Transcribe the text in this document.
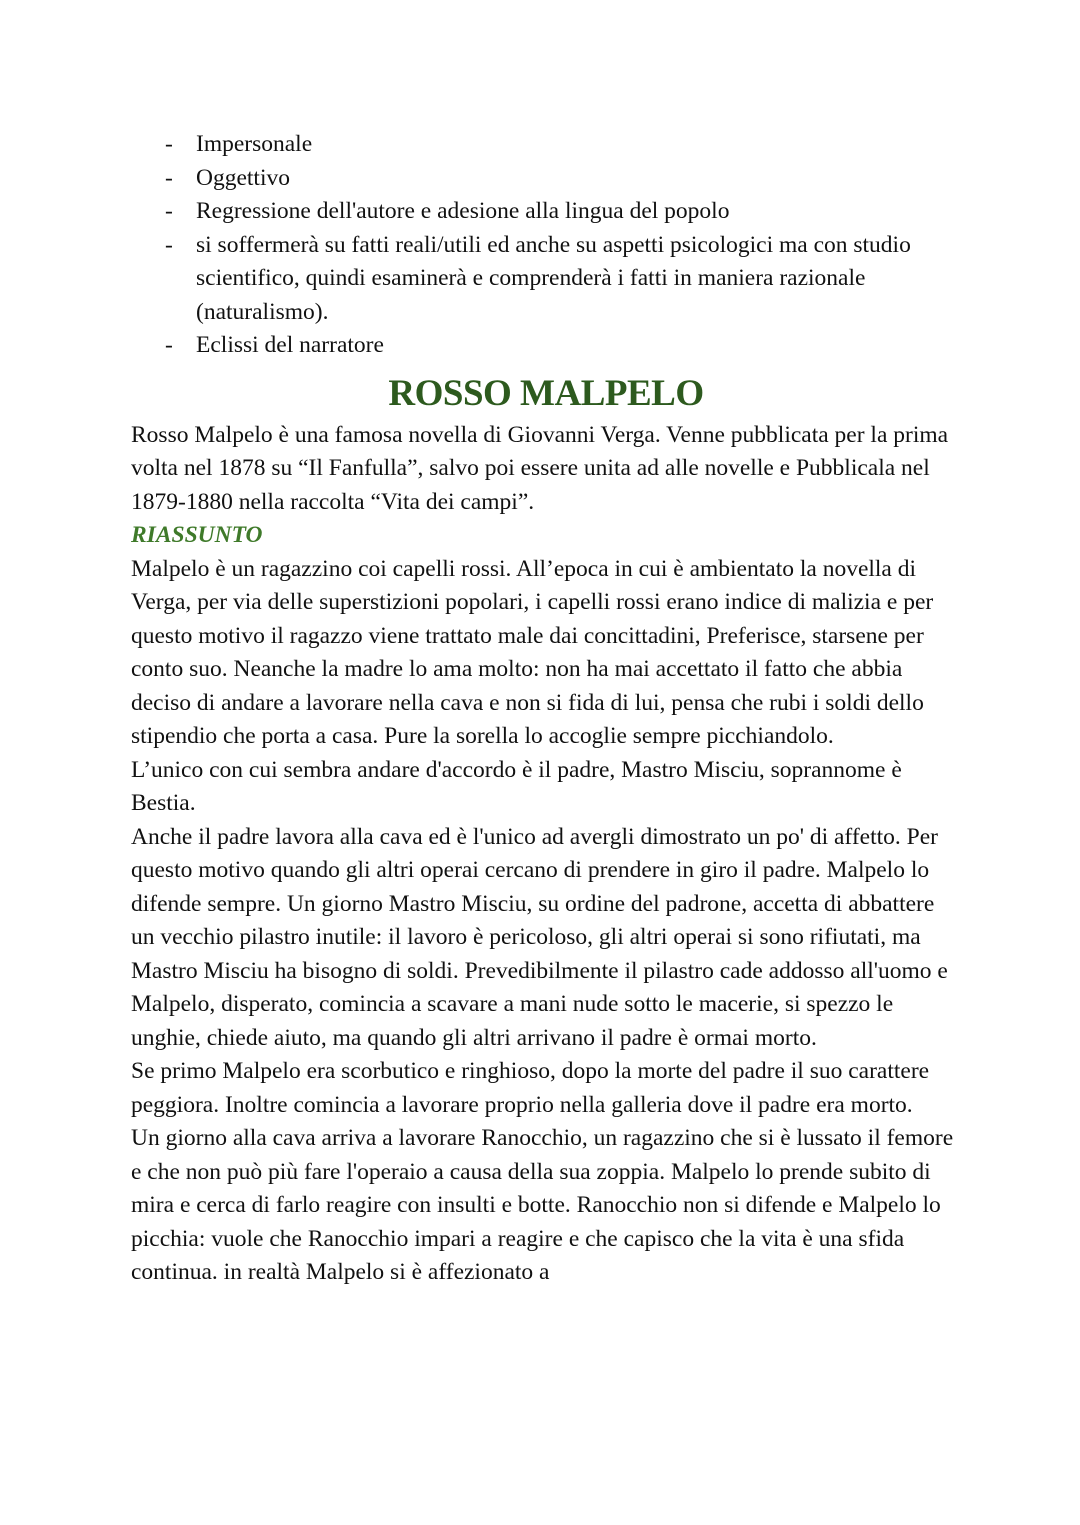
- Impersonale
- Oggettivo
- Regressione dell'autore e adesione alla lingua del popolo
- si soffermerà su fatti reali/utili ed anche su aspetti psicologici ma con studio scientifico, quindi esaminerà e comprenderà i fatti in maniera razionale (naturalismo).
- Eclissi del narratore
ROSSO MALPELO

Rosso Malpelo è una famosa novella di Giovanni Verga. Venne pubblicata per la prima volta nel 1878 su “Il Fanfulla”, salvo poi essere unita ad alle novelle e Pubblicala nel 1879-1880 nella raccolta “Vita dei campi”.

RIASSUNTO

Malpelo è un ragazzino coi capelli rossi. All’epoca in cui è ambientato la novella di Verga, per via delle superstizioni popolari, i capelli rossi erano indice di malizia e per questo motivo il ragazzo viene trattato male dai concittadini, Preferisce, starsene per conto suo. Neanche la madre lo ama molto: non ha mai accettato il fatto che abbia deciso di andare a lavorare nella cava e non si fida di lui, pensa che rubi i soldi dello stipendio che porta a casa. Pure la sorella lo accoglie sempre picchiandolo.

L’unico con cui sembra andare d'accordo è il padre, Mastro Misciu, soprannome è Bestia.

Anche il padre lavora alla cava ed è l'unico ad avergli dimostrato un po' di affetto. Per questo motivo quando gli altri operai cercano di prendere in giro il padre. Malpelo lo difende sempre. Un giorno Mastro Misciu, su ordine del padrone, accetta di abbattere un vecchio pilastro inutile: il lavoro è pericoloso, gli altri operai si sono rifiutati, ma Mastro Misciu ha bisogno di soldi. Prevedibilmente il pilastro cade addosso all'uomo e Malpelo, disperato, comincia a scavare a mani nude sotto le macerie, si spezzo le unghie, chiede aiuto, ma quando gli altri arrivano il padre è ormai morto.

Se primo Malpelo era scorbutico e ringhioso, dopo la morte del padre il suo carattere peggiora. Inoltre comincia a lavorare proprio nella galleria dove il padre era morto.

Un giorno alla cava arriva a lavorare Ranocchio, un ragazzino che si è lussato il femore e che non può più fare l'operaio a causa della sua zoppia. Malpelo lo prende subito di mira e cerca di farlo reagire con insulti e botte. Ranocchio non si difende e Malpelo lo picchia: vuole che Ranocchio impari a reagire e che capisco che la vita è una sfida continua. in realtà Malpelo si è affezionato a
